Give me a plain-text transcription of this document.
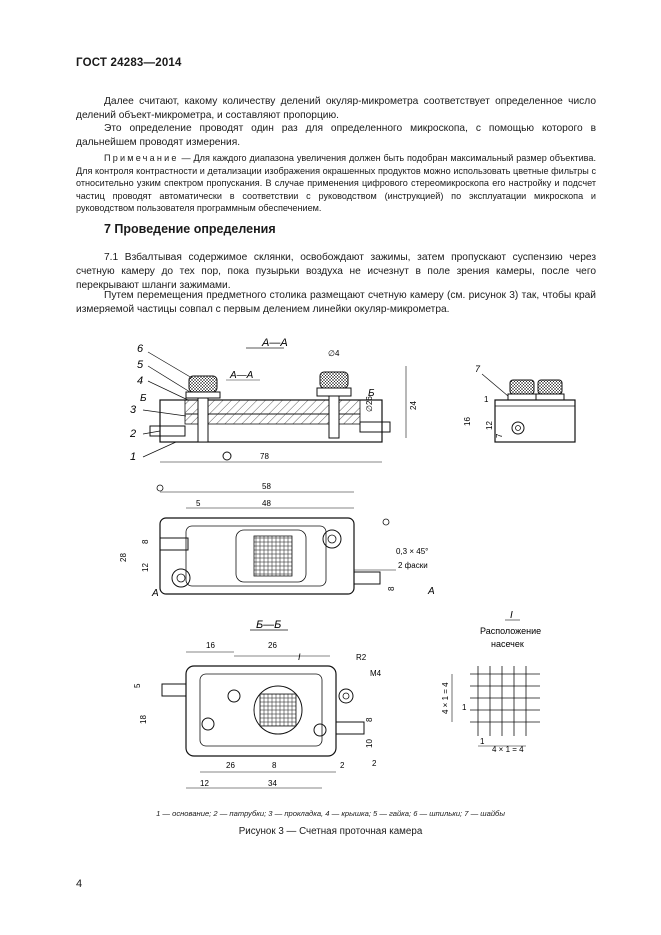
ГОСТ 24283—2014
Далее считают, какому количеству делений окуляр-микрометра соответствует определенное число делений объект-микрометра, и составляют пропорцию.
Это определение проводят один раз для определенного микроскопа, с помощью которого в дальнейшем проводят измерения.
Примечание — Для каждого диапазона увеличения должен быть подобран максимальный размер объектива. Для контроля контрастности и детализации изображения окрашенных продуктов можно использовать цветные фильтры с относительно узким спектром пропускания. В случае применения цифрового стереомикроскопа его настройку и подсчет частиц проводят автоматически в соответствии с руководством (инструкцией) по эксплуатации микроскопа и руководством пользователя программным обеспечением.
7 Проведение определения
7.1 Взбалтывая содержимое склянки, освобождают зажимы, затем пропускают суспензию через счетную камеру до тех пор, пока пузырьки воздуха не исчезнут в поле зрения камеры, после чего перекрывают шланги зажимами.
Путем перемещения предметного столика размещают счетную камеру (см. рисунок 3) так, чтобы край измеряемой частицы совпал с первым делением линейки окуляр-микрометра.
А—А
6
5
4
3
2
1
А—А
Б	Б
∅4
∅26	24
78
7
16
1
12
7
58
48
5
28
8
12
0,3 × 45°
2 фаски
8
А	А
Б—Б
16	26
I	R2
M4
5
18	8
10
2
26	8	2
12	34
I
Расположение
насечек
4 × 1 = 4 1
4 × 1 = 4
1
1 — основание; 2 — патрубки; 3 — прокладка, 4 — крышка; 5 — гайка; 6 — шпильки; 7 — шайбы
Рисунок 3 — Счетная проточная камера
4
